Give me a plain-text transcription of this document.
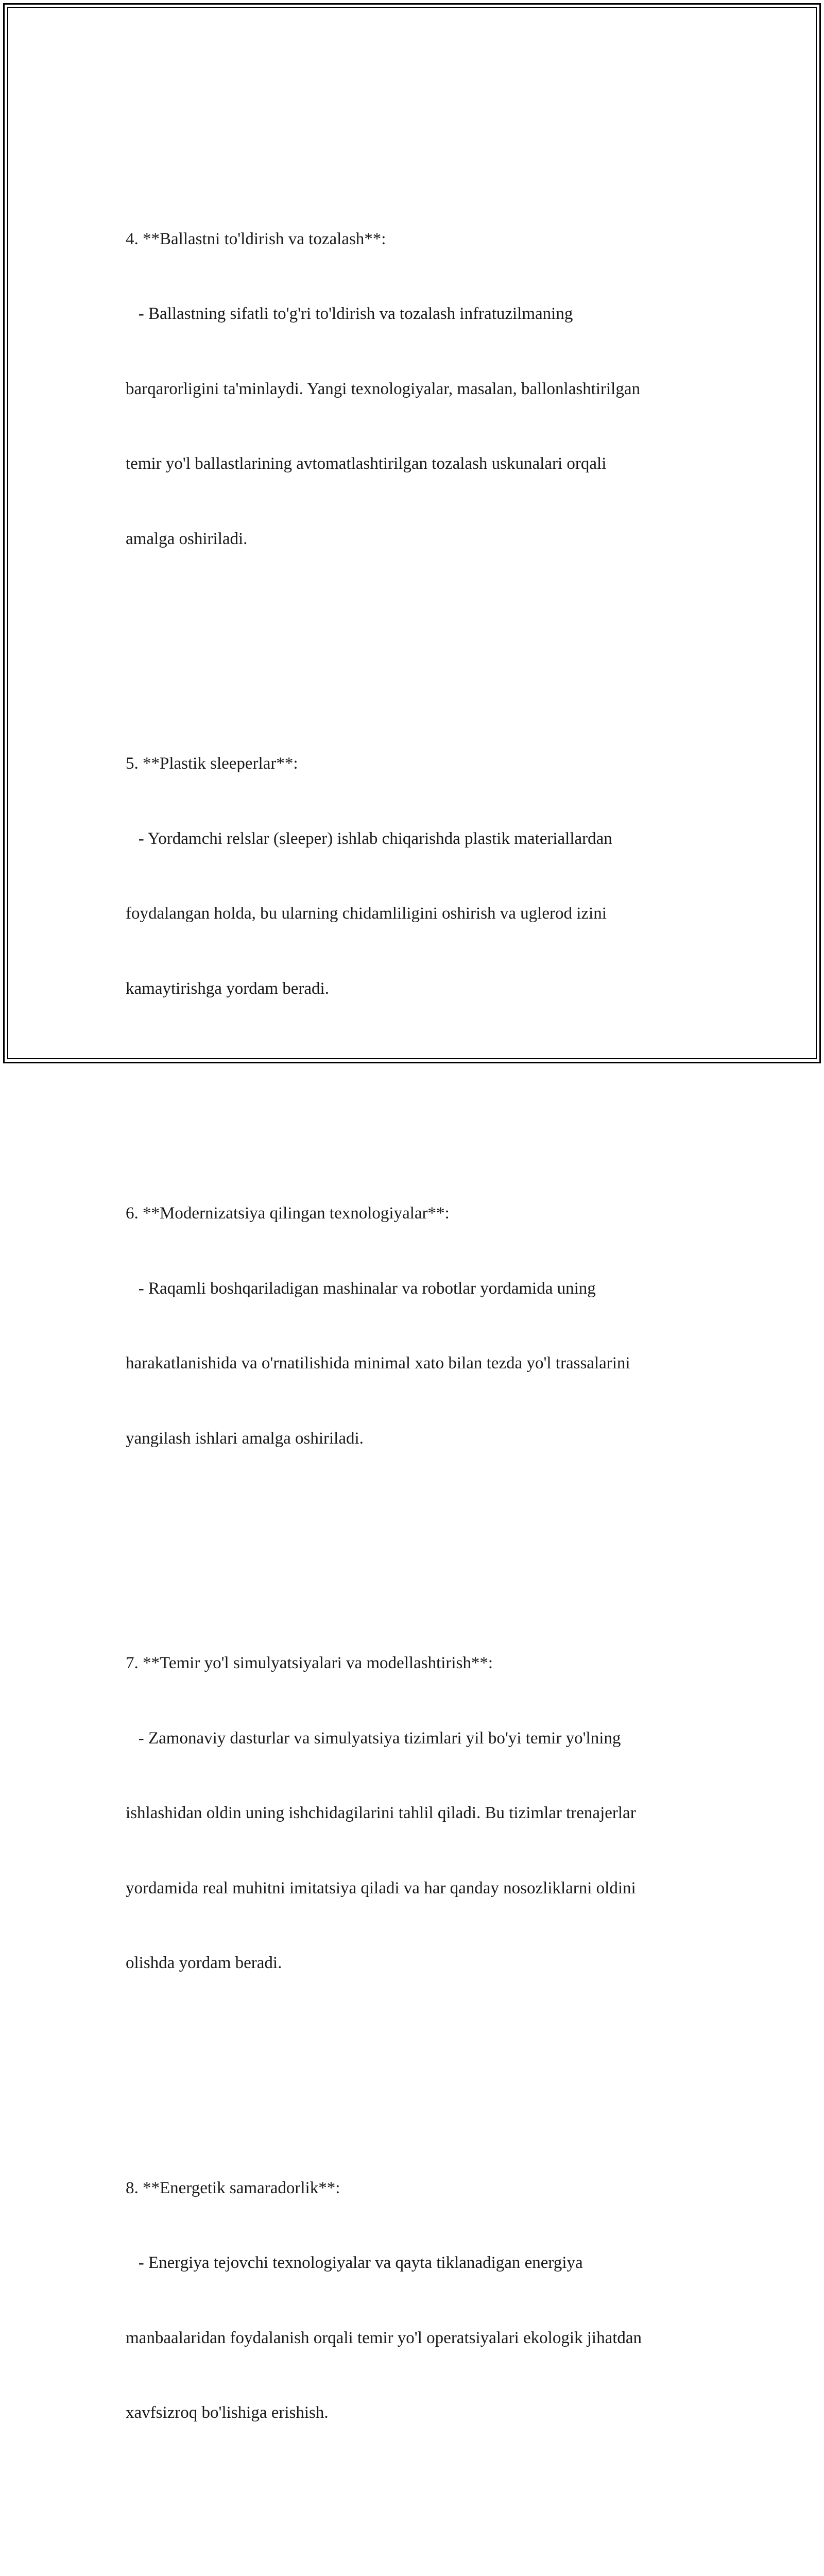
4. **Ballastni to'ldirish va tozalash**:

- Ballastning sifatli to'g'ri to'ldirish va tozalash infratuzilmaning

barqarorligini ta'minlaydi. Yangi texnologiyalar, masalan, ballonlashtirilgan

temir yo'l ballastlarining avtomatlashtirilgan tozalash uskunalari orqali

amalga oshiriladi.

5. **Plastik sleeperlar**:

- Yordamchi relslar (sleeper) ishlab chiqarishda plastik materiallardan

foydalangan holda, bu ularning chidamliligini oshirish va uglerod izini

kamaytirishga yordam beradi.

6. **Modernizatsiya qilingan texnologiyalar**:

- Raqamli boshqariladigan mashinalar va robotlar yordamida uning

harakatlanishida va o'rnatilishida minimal xato bilan tezda yo'l trassalarini

yangilash ishlari amalga oshiriladi.

7. **Temir yo'l simulyatsiyalari va modellashtirish**:

- Zamonaviy dasturlar va simulyatsiya tizimlari yil bo'yi temir yo'lning

ishlashidan oldin uning ishchidagilarini tahlil qiladi. Bu tizimlar trenajerlar

yordamida real muhitni imitatsiya qiladi va har qanday nosozliklarni oldini

olishda yordam beradi.

8. **Energetik samaradorlik**:

- Energiya tejovchi texnologiyalar va qayta tiklanadigan energiya

manbaalaridan foydalanish orqali temir yo'l operatsiyalari ekologik jihatdan

xavfsizroq bo'lishiga erishish.
